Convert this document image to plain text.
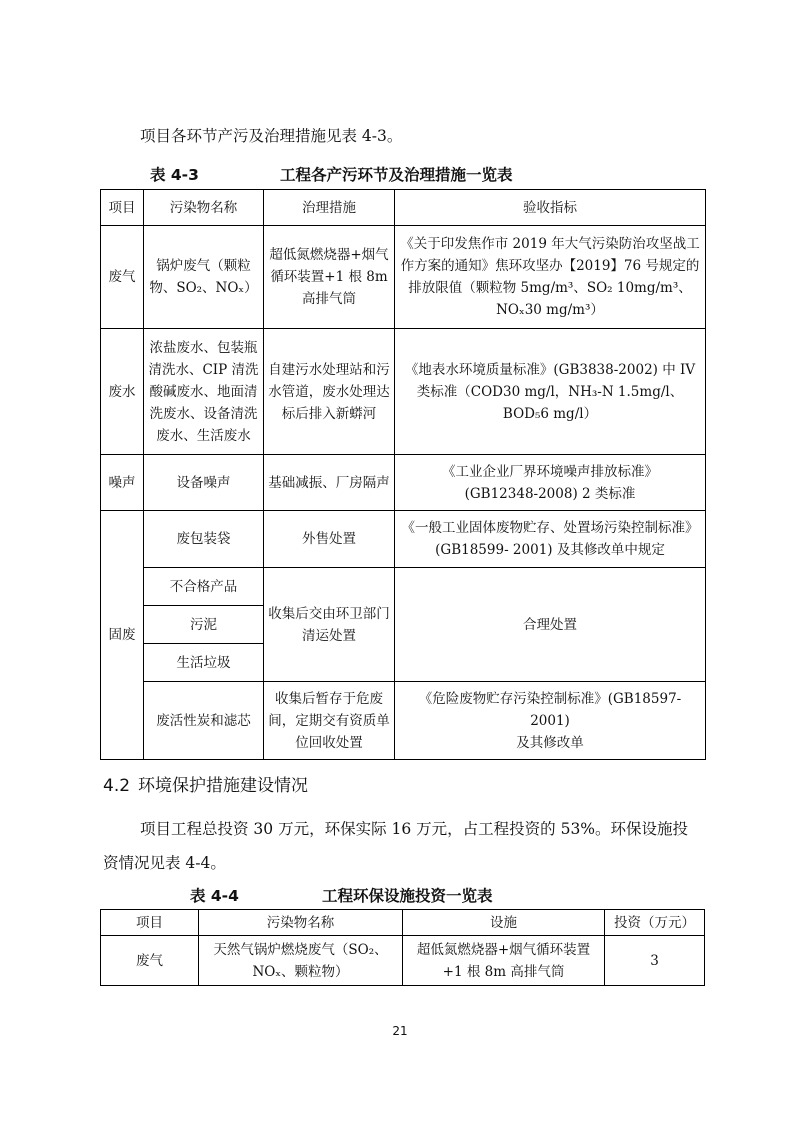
项目各环节产污及治理措施见表 4-3。
表 4-3	工程各产污环节及治理措施一览表
项目	污染物名称	治理措施	验收指标
废气	锅炉废气（颗粒物、SO₂、NOₓ）	超低氮燃烧器+烟气循环装置+1 根 8m 高排气筒	《关于印发焦作市 2019 年大气污染防治攻坚战工作方案的通知》焦环攻坚办【2019】76 号规定的排放限值（颗粒物 5mg/m³、SO₂ 10mg/m³、NOₓ30 mg/m³）
废水	浓盐废水、包装瓶清洗水、CIP 清洗酸碱废水、地面清洗废水、设备清洗废水、生活废水	自建污水处理站和污水管道，废水处理达标后排入新蟒河	《地表水环境质量标准》(GB3838-2002) 中 IV 类标准（COD30 mg/l，NH₃-N 1.5mg/l、BOD₅6 mg/l）
噪声	设备噪声	基础减振、厂房隔声	《工业企业厂界环境噪声排放标准》
(GB12348-2008) 2 类标准

固废	废包装袋	外售处置	《一般工业固体废物贮存、处置场污染控制标准》
(GB18599- 2001) 及其修改单中规定

	不合格产品	收集后交由环卫部门清运处置	合理处置
	污泥		
	生活垃圾		
	废活性炭和滤芯	收集后暂存于危废间，定期交有资质单位回收处置	《危险废物贮存污染控制标准》(GB18597-2001)
及其修改单
4.2 环境保护措施建设情况
项目工程总投资 30 万元，环保实际 16 万元，占工程投资的 53%。环保设施投
资情况见表 4-4。
表 4-4	工程环保设施投资一览表
项目	污染物名称	设施	投资（万元）
废气	天然气锅炉燃烧废气（SO₂、NOₓ、颗粒物）	超低氮燃烧器+烟气循环装置+1 根 8m 高排气筒	3
21
